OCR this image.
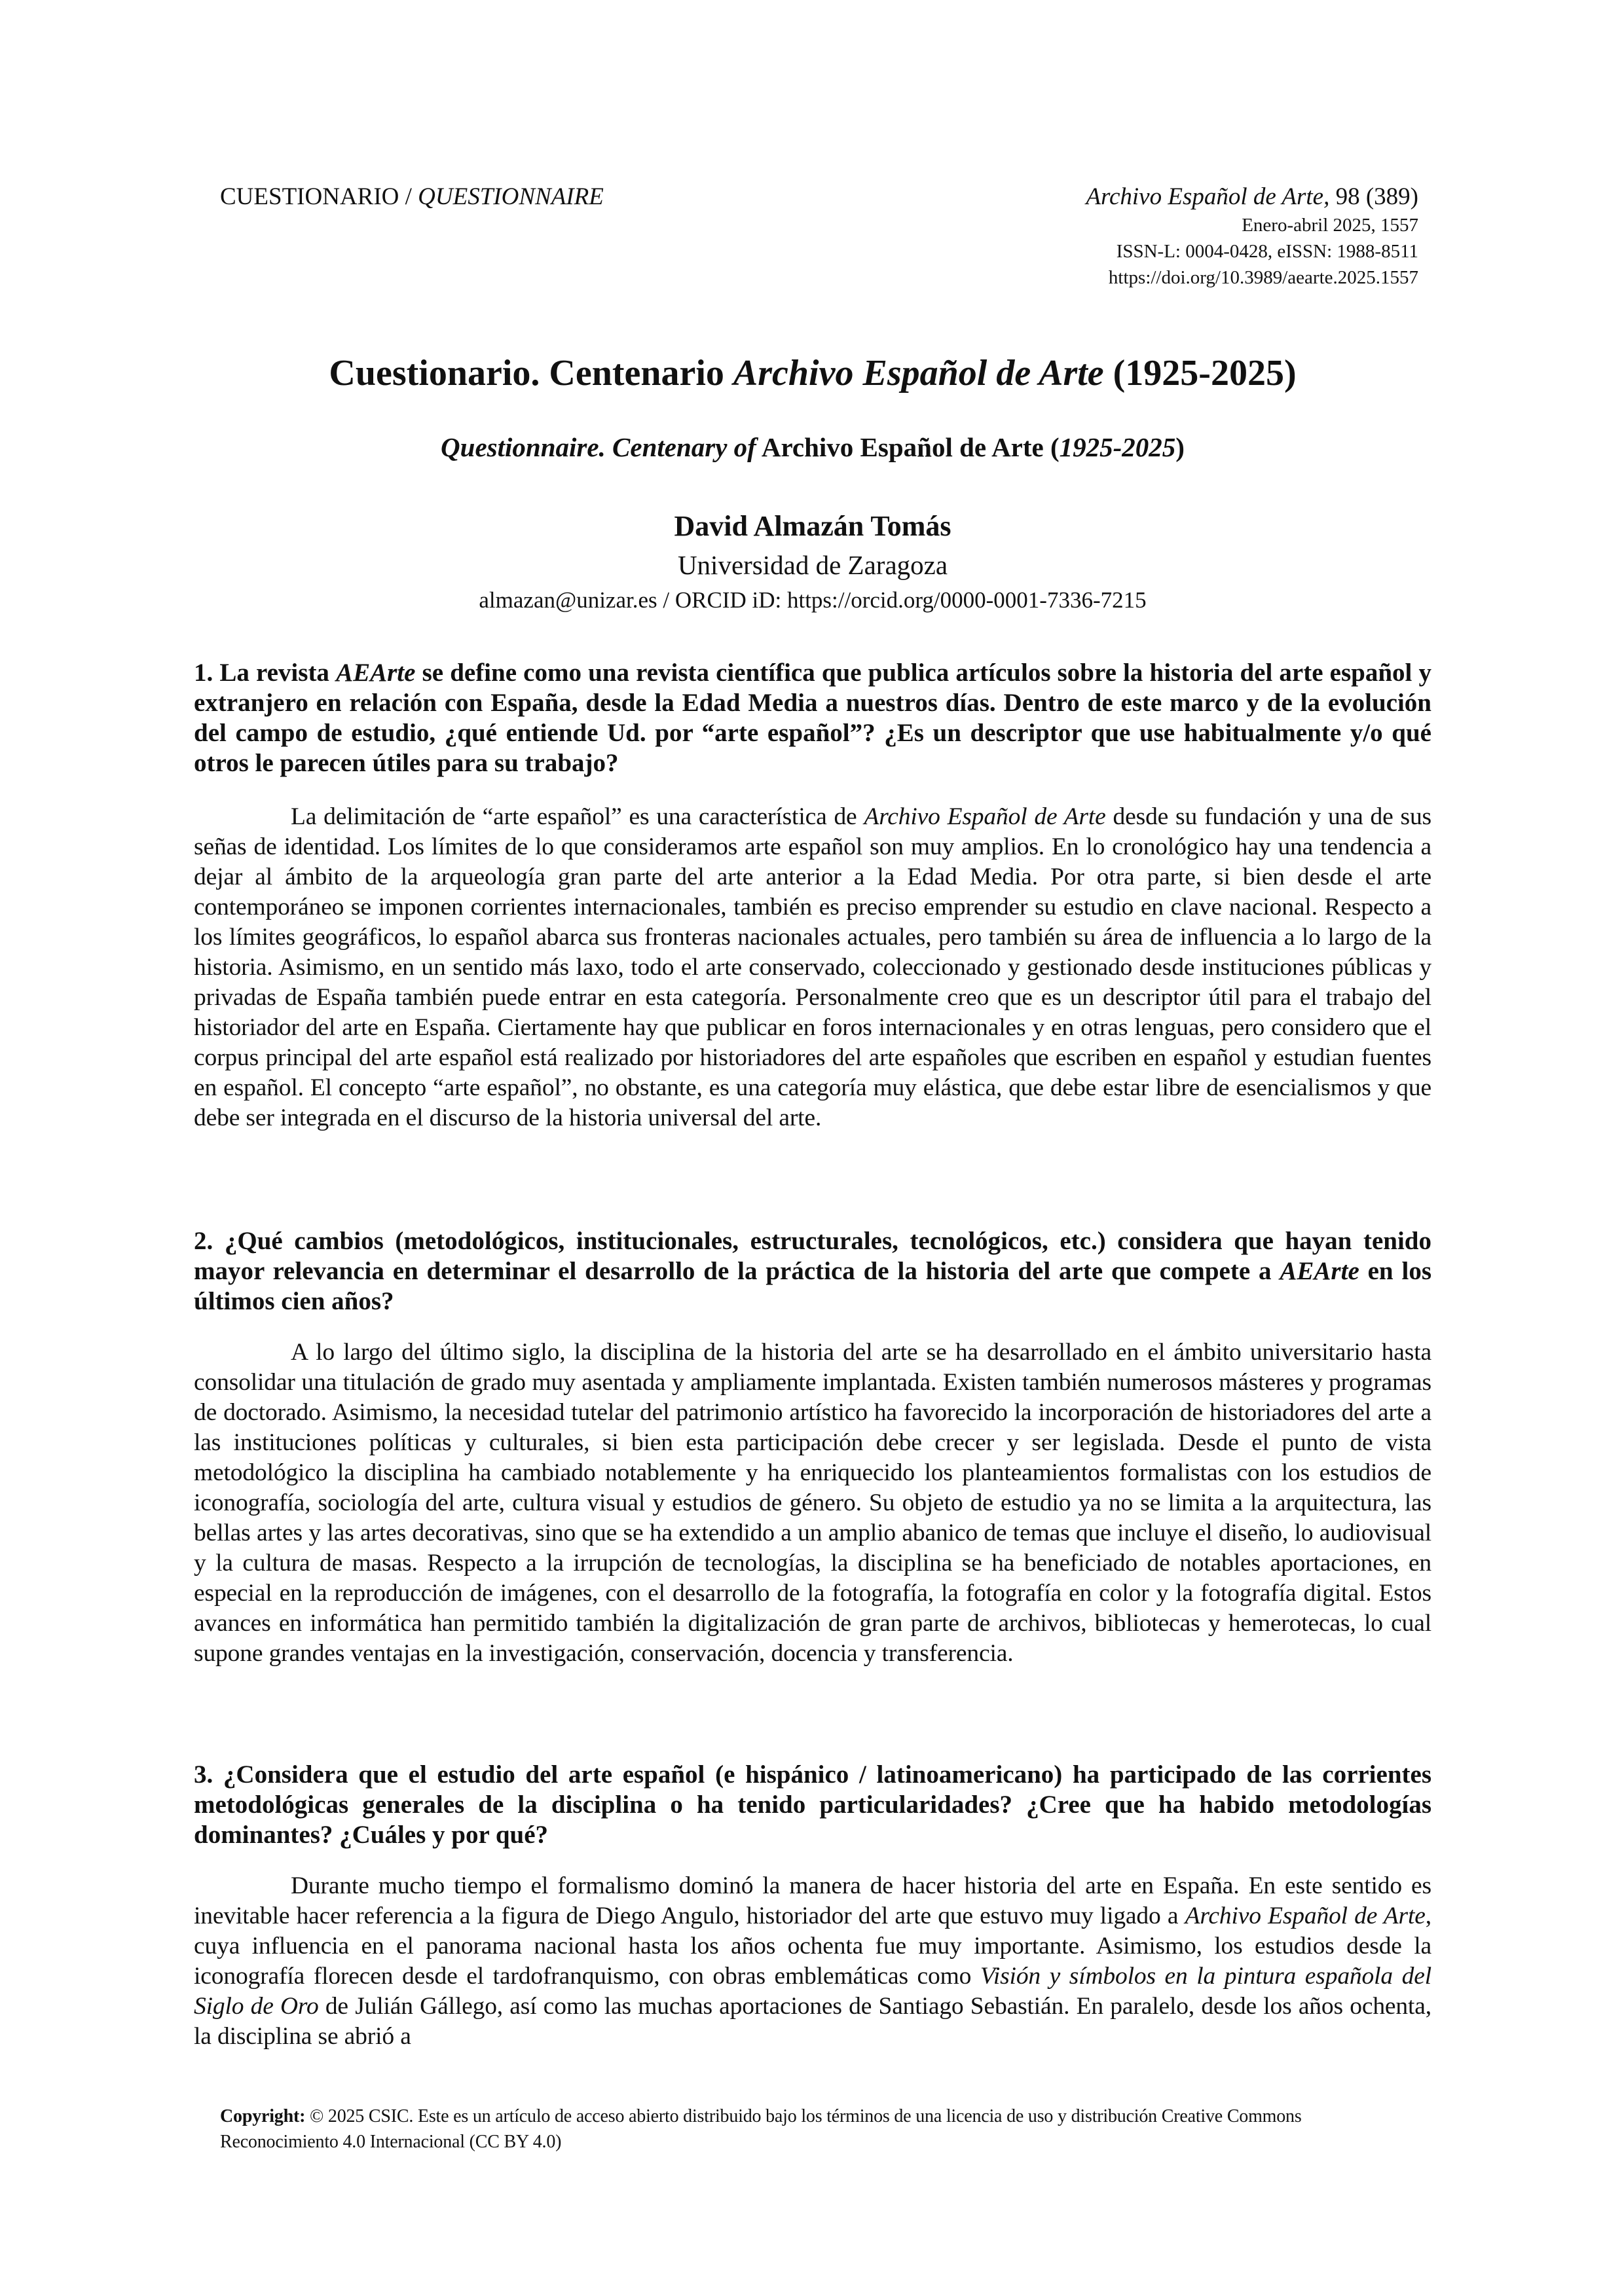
CUESTIONARIO / QUESTIONNAIRE	Archivo Español de Arte, 98 (389)
Enero-abril 2025, 1557
ISSN-L: 0004-0428, eISSN: 1988-8511
https://doi.org/10.3989/aearte.2025.1557
Cuestionario. Centenario Archivo Español de Arte (1925-2025)
Questionnaire. Centenary of Archivo Español de Arte (1925-2025)
David Almazán Tomás
Universidad de Zaragoza
almazan@unizar.es / ORCID iD: https://orcid.org/0000-0001-7336-7215
1. La revista AEArte se define como una revista científica que publica artículos sobre la historia del arte español y extranjero en relación con España, desde la Edad Media a nuestros días. Dentro de este marco y de la evolución del campo de estudio, ¿qué entiende Ud. por “arte español”? ¿Es un descriptor que use habitualmente y/o qué otros le parecen útiles para su trabajo?
La delimitación de “arte español” es una característica de Archivo Español de Arte desde su fundación y una de sus señas de identidad. Los límites de lo que consideramos arte español son muy amplios. En lo cronológico hay una tendencia a dejar al ámbito de la arqueología gran parte del arte anterior a la Edad Media. Por otra parte, si bien desde el arte contemporáneo se imponen corrientes internacionales, también es preciso emprender su estudio en clave nacional. Respecto a los límites geográficos, lo español abarca sus fronteras nacionales actuales, pero también su área de influencia a lo largo de la historia. Asimismo, en un sentido más laxo, todo el arte conservado, coleccionado y gestionado desde instituciones públicas y privadas de España también puede entrar en esta categoría. Personalmente creo que es un descriptor útil para el trabajo del historiador del arte en España. Ciertamente hay que publicar en foros internacionales y en otras lenguas, pero considero que el corpus principal del arte español está realizado por historiadores del arte españoles que escriben en español y estudian fuentes en español. El concepto “arte español”, no obstante, es una categoría muy elástica, que debe estar libre de esencialismos y que debe ser integrada en el discurso de la historia universal del arte.
2. ¿Qué cambios (metodológicos, institucionales, estructurales, tecnológicos, etc.) considera que hayan tenido mayor relevancia en determinar el desarrollo de la práctica de la historia del arte que compete a AEArte en los últimos cien años?
A lo largo del último siglo, la disciplina de la historia del arte se ha desarrollado en el ámbito universitario hasta consolidar una titulación de grado muy asentada y ampliamente implantada. Existen también numerosos másteres y programas de doctorado. Asimismo, la necesidad tutelar del patrimonio artístico ha favorecido la incorporación de historiadores del arte a las instituciones políticas y culturales, si bien esta participación debe crecer y ser legislada. Desde el punto de vista metodológico la disciplina ha cambiado notablemente y ha enriquecido los planteamientos formalistas con los estudios de iconografía, sociología del arte, cultura visual y estudios de género. Su objeto de estudio ya no se limita a la arquitectura, las bellas artes y las artes decorativas, sino que se ha extendido a un amplio abanico de temas que incluye el diseño, lo audiovisual y la cultura de masas. Respecto a la irrupción de tecnologías, la disciplina se ha beneficiado de notables aportaciones, en especial en la reproducción de imágenes, con el desarrollo de la fotografía, la fotografía en color y la fotografía digital. Estos avances en informática han permitido también la digitalización de gran parte de archivos, bibliotecas y hemerotecas, lo cual supone grandes ventajas en la investigación, conservación, docencia y transferencia.
3. ¿Considera que el estudio del arte español (e hispánico / latinoamericano) ha participado de las corrientes metodológicas generales de la disciplina o ha tenido particularidades? ¿Cree que ha habido metodologías dominantes? ¿Cuáles y por qué?
Durante mucho tiempo el formalismo dominó la manera de hacer historia del arte en España. En este sentido es inevitable hacer referencia a la figura de Diego Angulo, historiador del arte que estuvo muy ligado a Archivo Español de Arte, cuya influencia en el panorama nacional hasta los años ochenta fue muy importante. Asimismo, los estudios desde la iconografía florecen desde el tardofranquismo, con obras emblemáticas como Visión y símbolos en la pintura española del Siglo de Oro de Julián Gállego, así como las muchas aportaciones de Santiago Sebastián. En paralelo, desde los años ochenta, la disciplina se abrió a
Copyright: © 2025 CSIC. Este es un artículo de acceso abierto distribuido bajo los términos de una licencia de uso y distribución Creative Commons Reconocimiento 4.0 Internacional (CC BY 4.0)
